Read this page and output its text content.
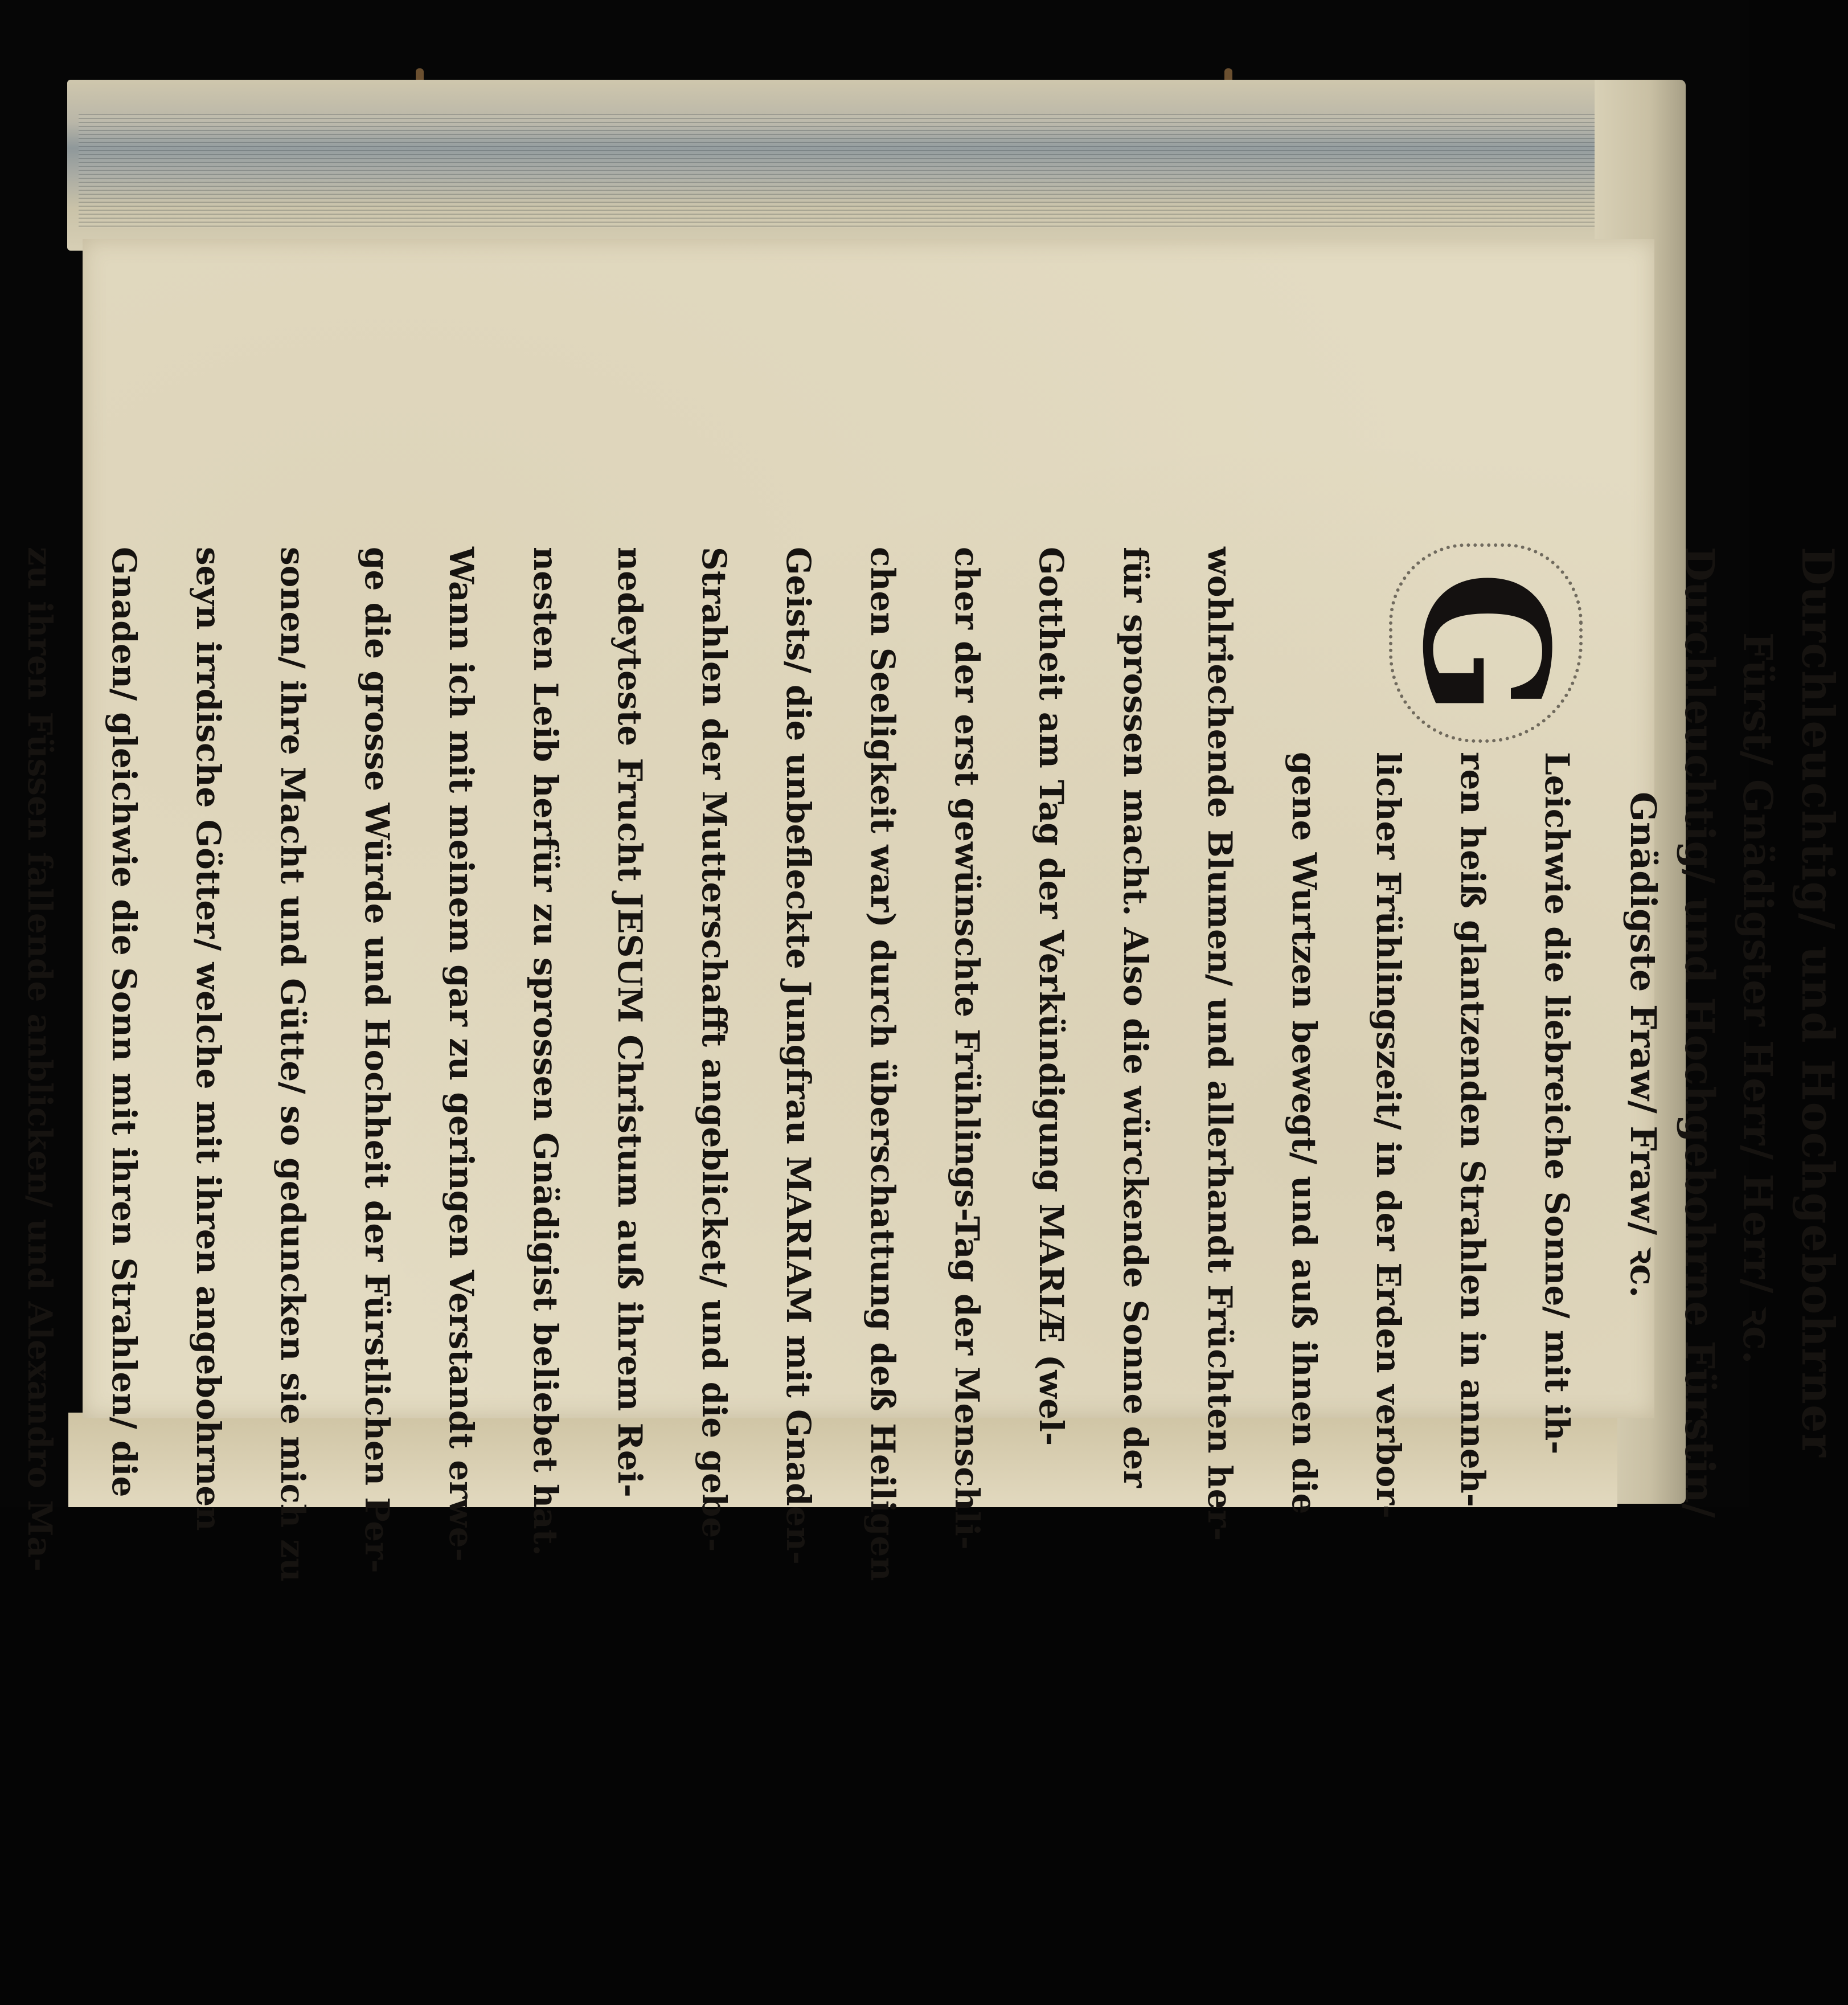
Durchleuchtig/ und Hochgebohrner

Fürst/ Gnädigster Herr/ Herr/ ꝛc.

Durchleuchtig/ und Hochgebohrne Fürstin/

Gnädigste Fraw/ Fraw/ ꝛc.

G

Leichwie die liebreiche Sonne/ mit ih-

ren heiß glantzenden Strahlen in anneh-

licher Frühlingszeit/ in der Erden verbor-

gene Wurtzen bewegt/ und auß ihnen die

wohlriechende Blumen/ und allerhandt Früchten her-

für sprossen macht. Also die würckende Sonne der

Gottheit am Tag der Verkündigung MARIÆ (wel-

cher der erst gewünschte Frühlings-Tag der Menschli-

chen Seeligkeit war) durch überschattung deß Heiligen

Geists/ die unbefleckte Jungfrau MARIAM mit Gnaden-

Strahlen der Mutterschafft angeblicket/ und die gebe-

nedeyteste Frucht JESUM Christum auß ihrem Rei-

nesten Leib herfür zu sprossen Gnädigist beliebet hat.

Wann ich mit meinem gar zu geringen Verstandt erwe-

ge die grosse Würde und Hochheit der Fürstlichen Per-

sonen/ ihre Macht und Gütte/ so geduncken sie mich zu

seyn irrdische Götter/ welche mit ihren angebohrnen

Gnaden/ gleichwie die Sonn mit ihren Strahlen/ die

zu ihren Füssen fallende anblicken/ und Alexandro Ma-
